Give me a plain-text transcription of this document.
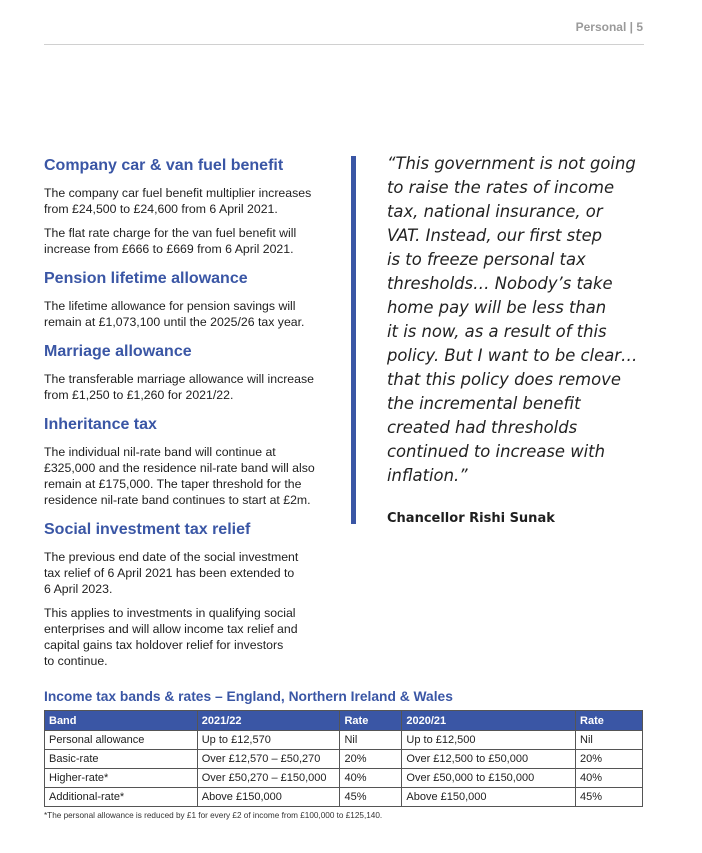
Personal | 5
Company car & van fuel benefit

The company car fuel benefit multiplier increases
from £24,500 to £24,600 from 6 April 2021.

The flat rate charge for the van fuel benefit will
increase from £666 to £669 from 6 April 2021.

Pension lifetime allowance

The lifetime allowance for pension savings will
remain at £1,073,100 until the 2025/26 tax year.

Marriage allowance

The transferable marriage allowance will increase
from £1,250 to £1,260 for 2021/22.

Inheritance tax

The individual nil-rate band will continue at
£325,000 and the residence nil-rate band will also
remain at £175,000. The taper threshold for the
residence nil-rate band continues to start at £2m.

Social investment tax relief

The previous end date of the social investment
tax relief of 6 April 2021 has been extended to
6 April 2023.

This applies to investments in qualifying social
enterprises and will allow income tax relief and
capital gains tax holdover relief for investors
to continue.

“This government is not going
to raise the rates of income
tax, national insurance, or
VAT. Instead, our first step
is to freeze personal tax
thresholds… Nobody’s take
home pay will be less than
it is now, as a result of this
policy. But I want to be clear…
that this policy does remove
the incremental benefit
created had thresholds
continued to increase with
inflation.”
Chancellor Rishi Sunak
Income tax bands & rates – England, Northern Ireland & Wales
Band	2021/22	Rate	2020/21	Rate
Personal allowance	Up to £12,570	Nil	Up to £12,500	Nil
Basic-rate	Over £12,570 – £50,270	20%	Over £12,500 to £50,000	20%
Higher-rate*	Over £50,270 – £150,000	40%	Over £50,000 to £150,000	40%
Additional-rate*	Above £150,000	45%	Above £150,000	45%
*The personal allowance is reduced by £1 for every £2 of income from £100,000 to £125,140.
